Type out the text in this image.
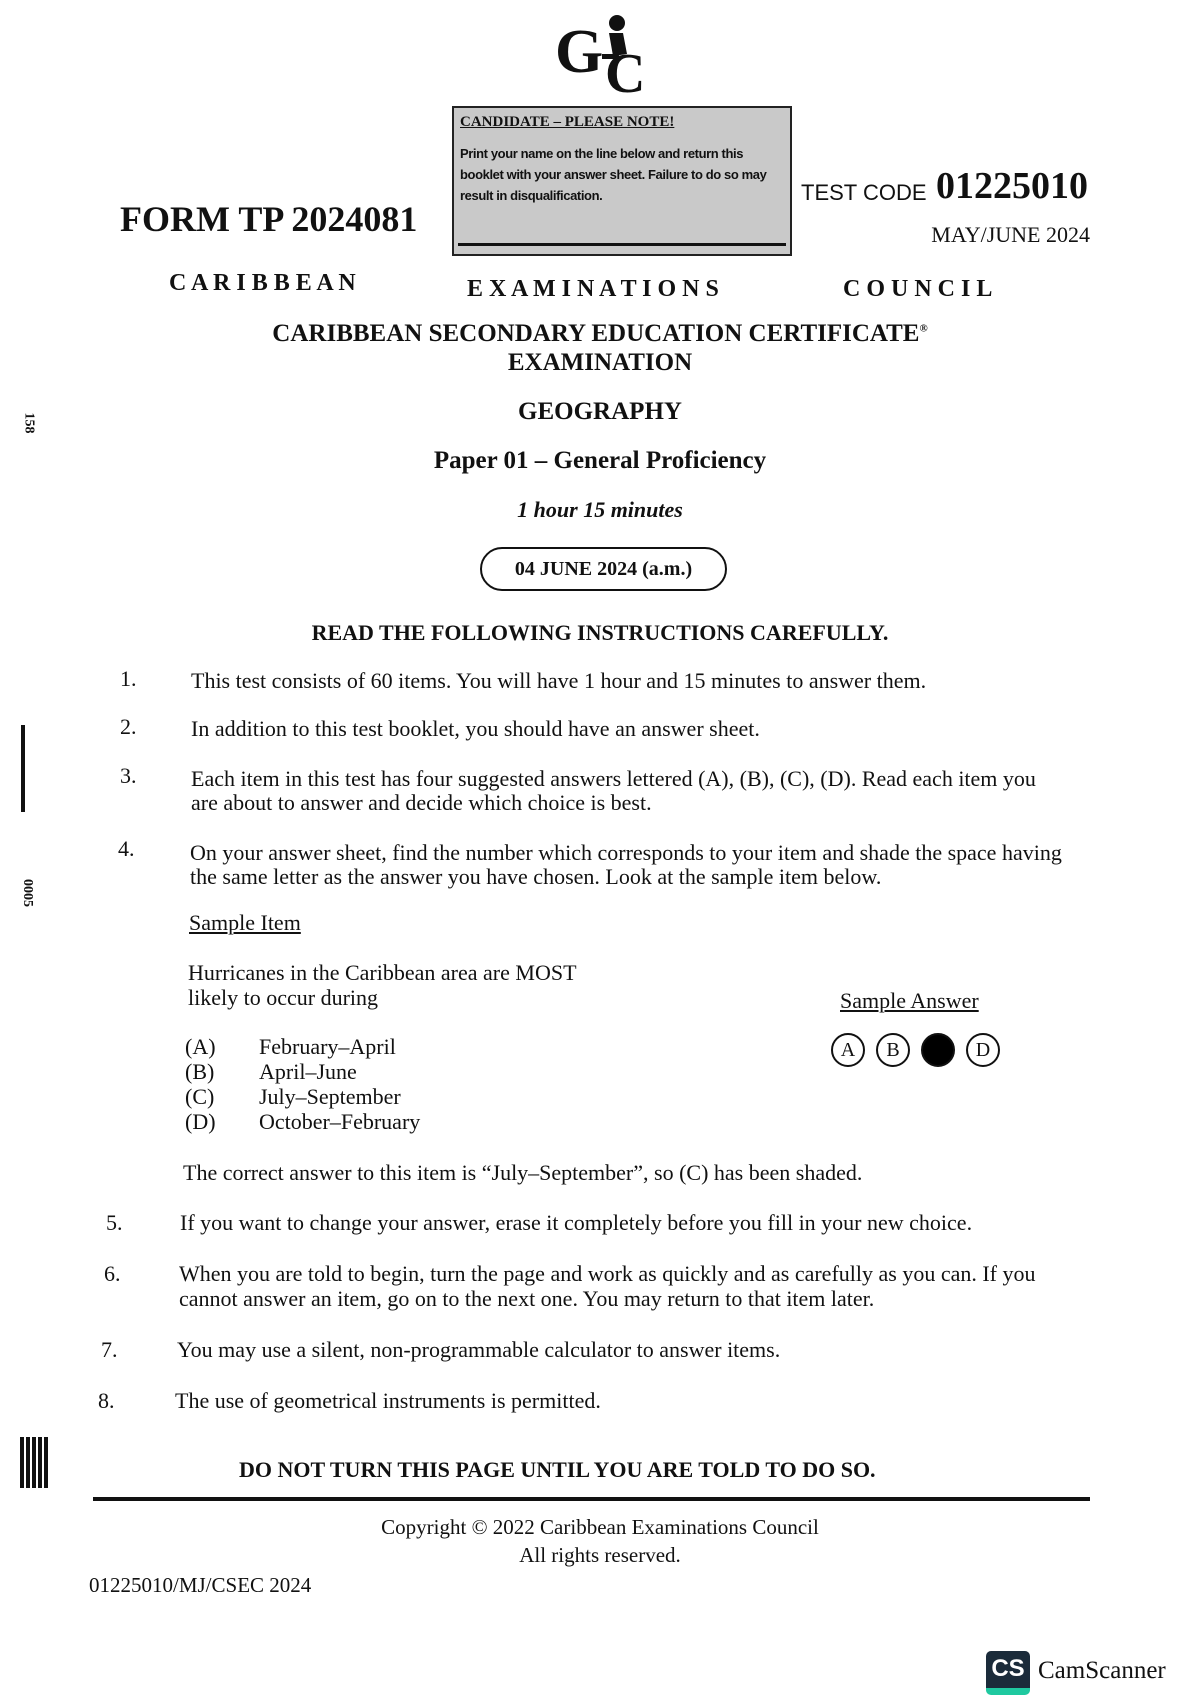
G C
CANDIDATE – PLEASE NOTE!
Print your name on the line below and return this booklet with your answer sheet. Failure to do so may result in disqualification.
FORM TP 2024081
TEST CODE 01225010
MAY/JUNE 2024
C A R I B B E A N	E X A M I N A T I O N S	C O U N C I L
CARIBBEAN SECONDARY EDUCATION CERTIFICATE®
EXAMINATION
GEOGRAPHY
Paper 01 – General Proficiency
1 hour 15 minutes
04 JUNE 2024 (a.m.)
READ THE FOLLOWING INSTRUCTIONS CAREFULLY.
1. This test consists of 60 items. You will have 1 hour and 15 minutes to answer them.
2. In addition to this test booklet, you should have an answer sheet.
3. Each item in this test has four suggested answers lettered (A), (B), (C), (D). Read each item you
are about to answer and decide which choice is best.
4.	On your answer sheet, find the number which corresponds to your item and shade the space having
the same letter as the answer you have chosen. Look at the sample item below.
Sample Item
Hurricanes in the Caribbean area are MOST
likely to occur during
(A) February–April
(B) April–June
(C) July–September
(D) October–February
Sample Answer
A	B	C	D
The correct answer to this item is “July–September”, so (C) has been shaded.
5.	If you want to change your answer, erase it completely before you fill in your new choice.
6.	When you are told to begin, turn the page and work as quickly and as carefully as you can. If you
cannot answer an item, go on to the next one. You may return to that item later.
7.	You may use a silent, non-programmable calculator to answer items.
8.	The use of geometrical instruments is permitted.
DO NOT TURN THIS PAGE UNTIL YOU ARE TOLD TO DO SO.
Copyright © 2022 Caribbean Examinations Council
All rights reserved.
01225010/MJ/CSEC 2024
158
0005
CS CamScanner
